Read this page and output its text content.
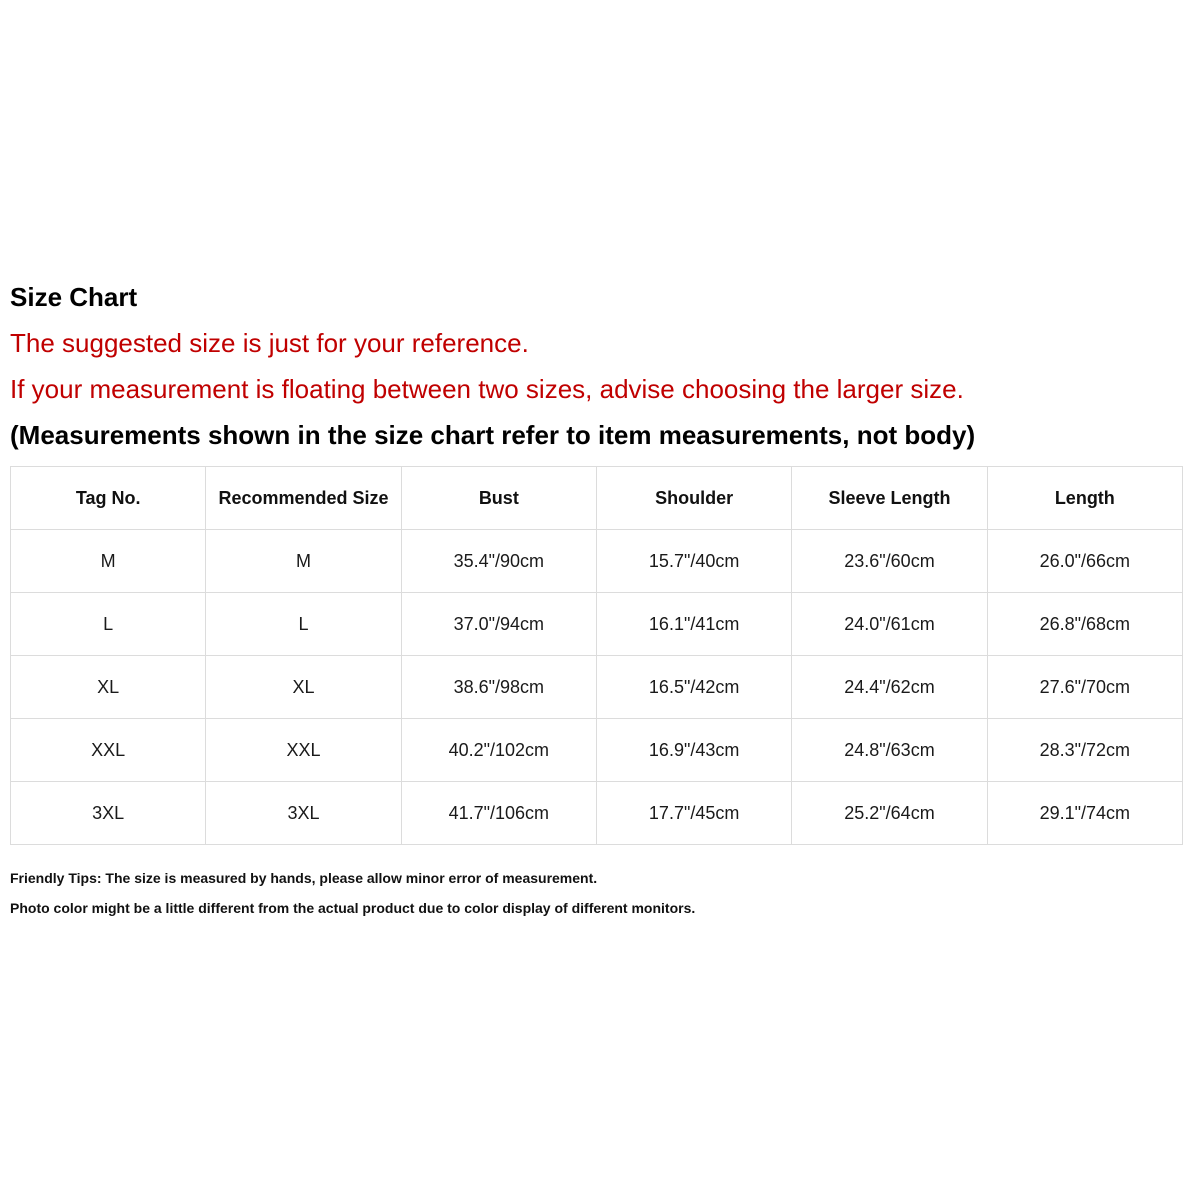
Size Chart
The suggested size is just for your reference.
If your measurement is floating between two sizes, advise choosing the larger size.
(Measurements shown in the size chart refer to item measurements, not body)
Tag No.	Recommended Size	Bust	Shoulder	Sleeve Length	Length
M	M	35.4"/90cm	15.7"/40cm	23.6"/60cm	26.0"/66cm
L	L	37.0"/94cm	16.1"/41cm	24.0"/61cm	26.8"/68cm
XL	XL	38.6"/98cm	16.5"/42cm	24.4"/62cm	27.6"/70cm
XXL	XXL	40.2"/102cm	16.9"/43cm	24.8"/63cm	28.3"/72cm
3XL	3XL	41.7"/106cm	17.7"/45cm	25.2"/64cm	29.1"/74cm
Friendly Tips: The size is measured by hands, please allow minor error of measurement.
Photo color might be a little different from the actual product due to color display of different monitors.
